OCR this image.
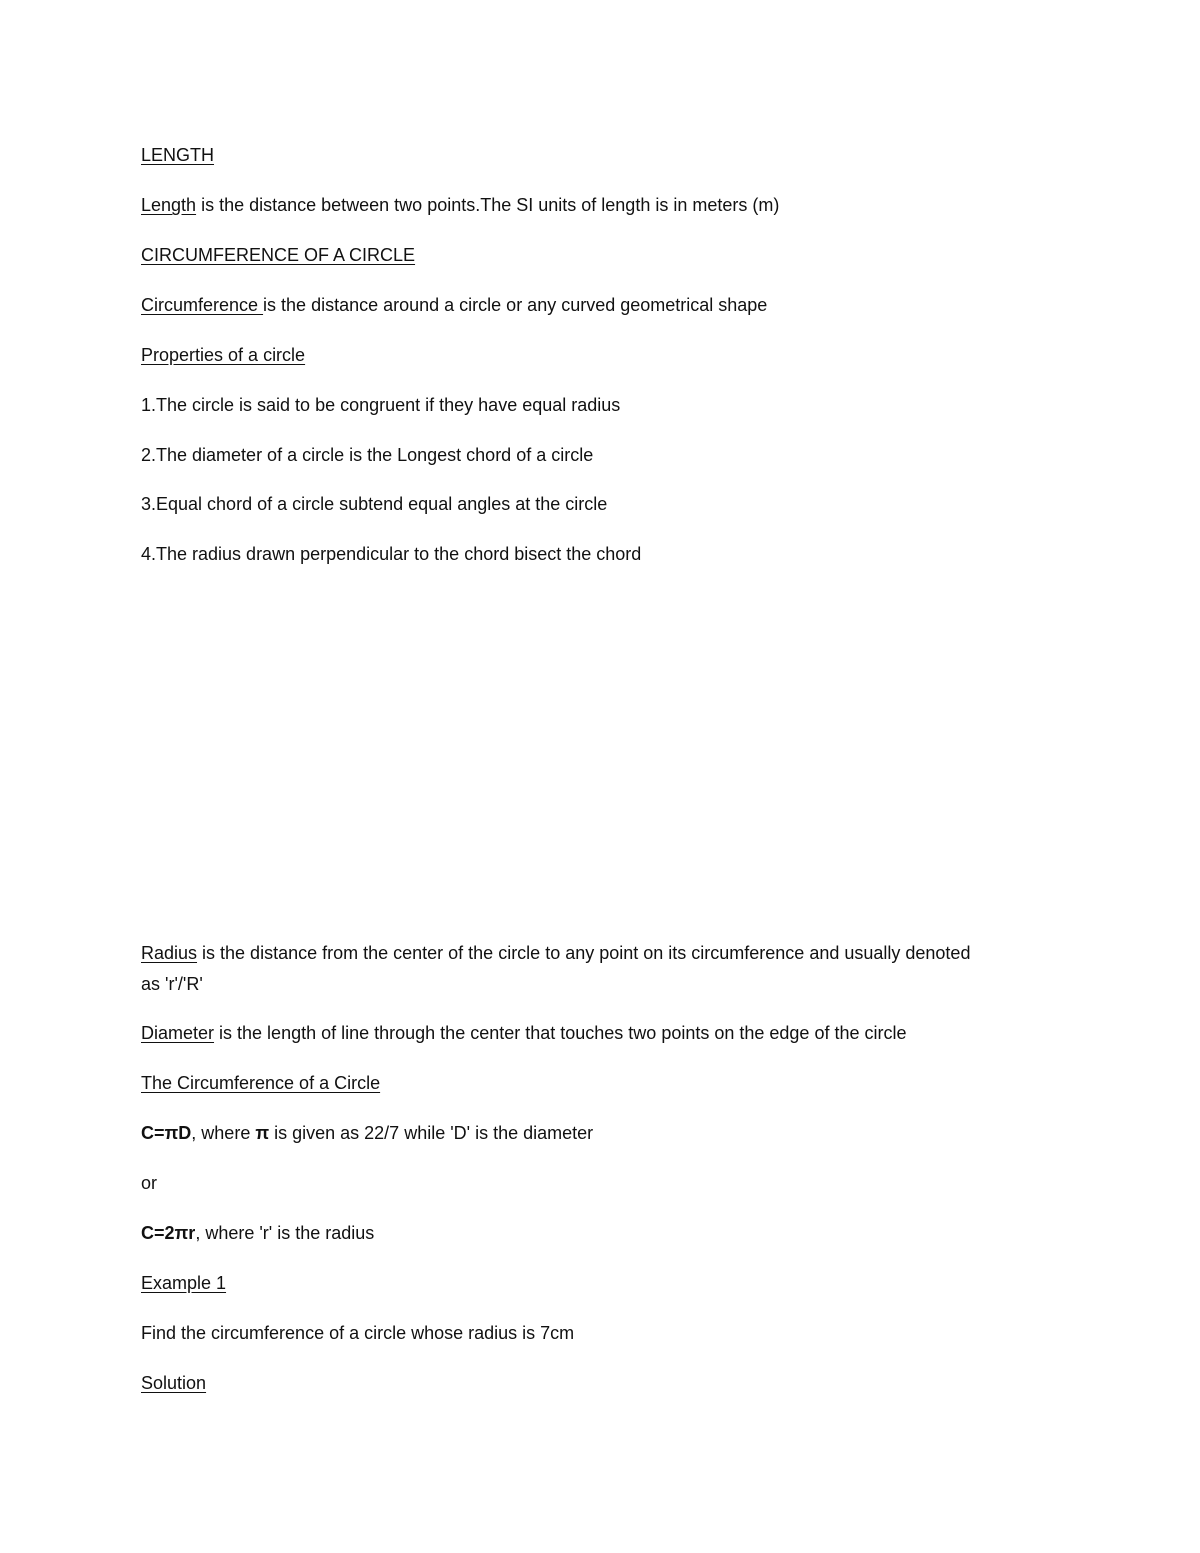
LENGTH
Length is the distance between two points.The SI units of length is in meters (m)
CIRCUMFERENCE OF A CIRCLE
Circumference is the distance around a circle or any curved geometrical shape
Properties of a circle
1.The circle is said to be congruent if they have equal radius
2.The diameter of a circle is the Longest chord of a circle
3.Equal chord of a circle subtend equal angles at the circle
4.The radius drawn perpendicular to the chord bisect the chord
Radius is the distance from the center of the circle to any point on its circumference and usually denoted
as 'r'/'R'
Diameter is the length of line through the center that touches two points on the edge of the circle
The Circumference of a Circle
C=πD, where π is given as 22/7 while 'D' is the diameter
or
C=2πr, where 'r' is the radius
Example 1
Find the circumference of a circle whose radius is 7cm
Solution
